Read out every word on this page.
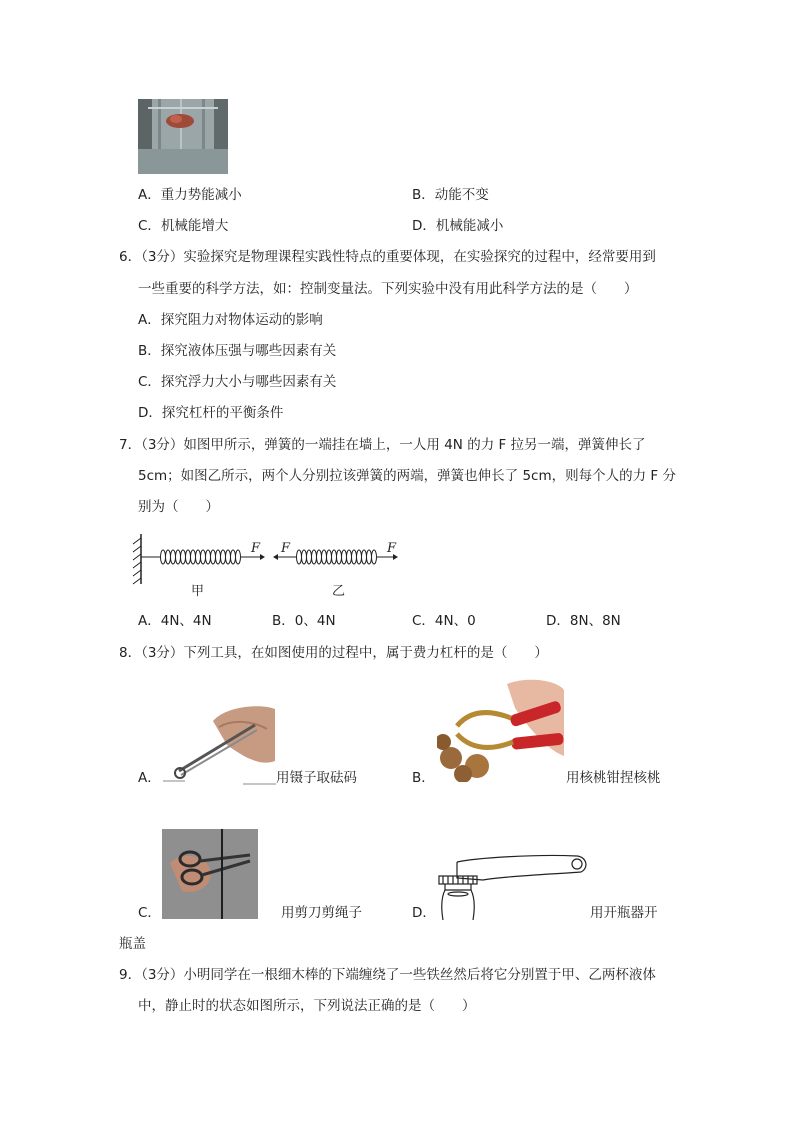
A．重力势能减小	B．动能不变
C．机械能增大	D．机械能减小
6．（3分）实验探究是物理课程实践性特点的重要体现，在实验探究的过程中，经常要用到
一些重要的科学方法，如：控制变量法。下列实验中没有用此科学方法的是（　　）
A．探究阻力对物体运动的影响
B．探究液体压强与哪些因素有关
C．探究浮力大小与哪些因素有关
D．探究杠杆的平衡条件
7．（3分）如图甲所示，弹簧的一端挂在墙上，一人用 4N 的力 F 拉另一端，弹簧伸长了
5cm；如图乙所示，两个人分别拉该弹簧的两端，弹簧也伸长了 5cm，则每个人的力 F 分
别为（　　）
F F	F
甲	乙
A．4N、4N	B．0、4N	C．4N、0	D．8N、8N
8．（3分）下列工具，在如图使用的过程中，属于费力杠杆的是（　　）
A．	用镊子取砝码	B．	用核桃钳捏核桃
C．	用剪刀剪绳子	D．	用开瓶器开
瓶盖
9．（3分）小明同学在一根细木棒的下端缠绕了一些铁丝然后将它分别置于甲、乙两杯液体
中，静止时的状态如图所示，下列说法正确的是（　　）
